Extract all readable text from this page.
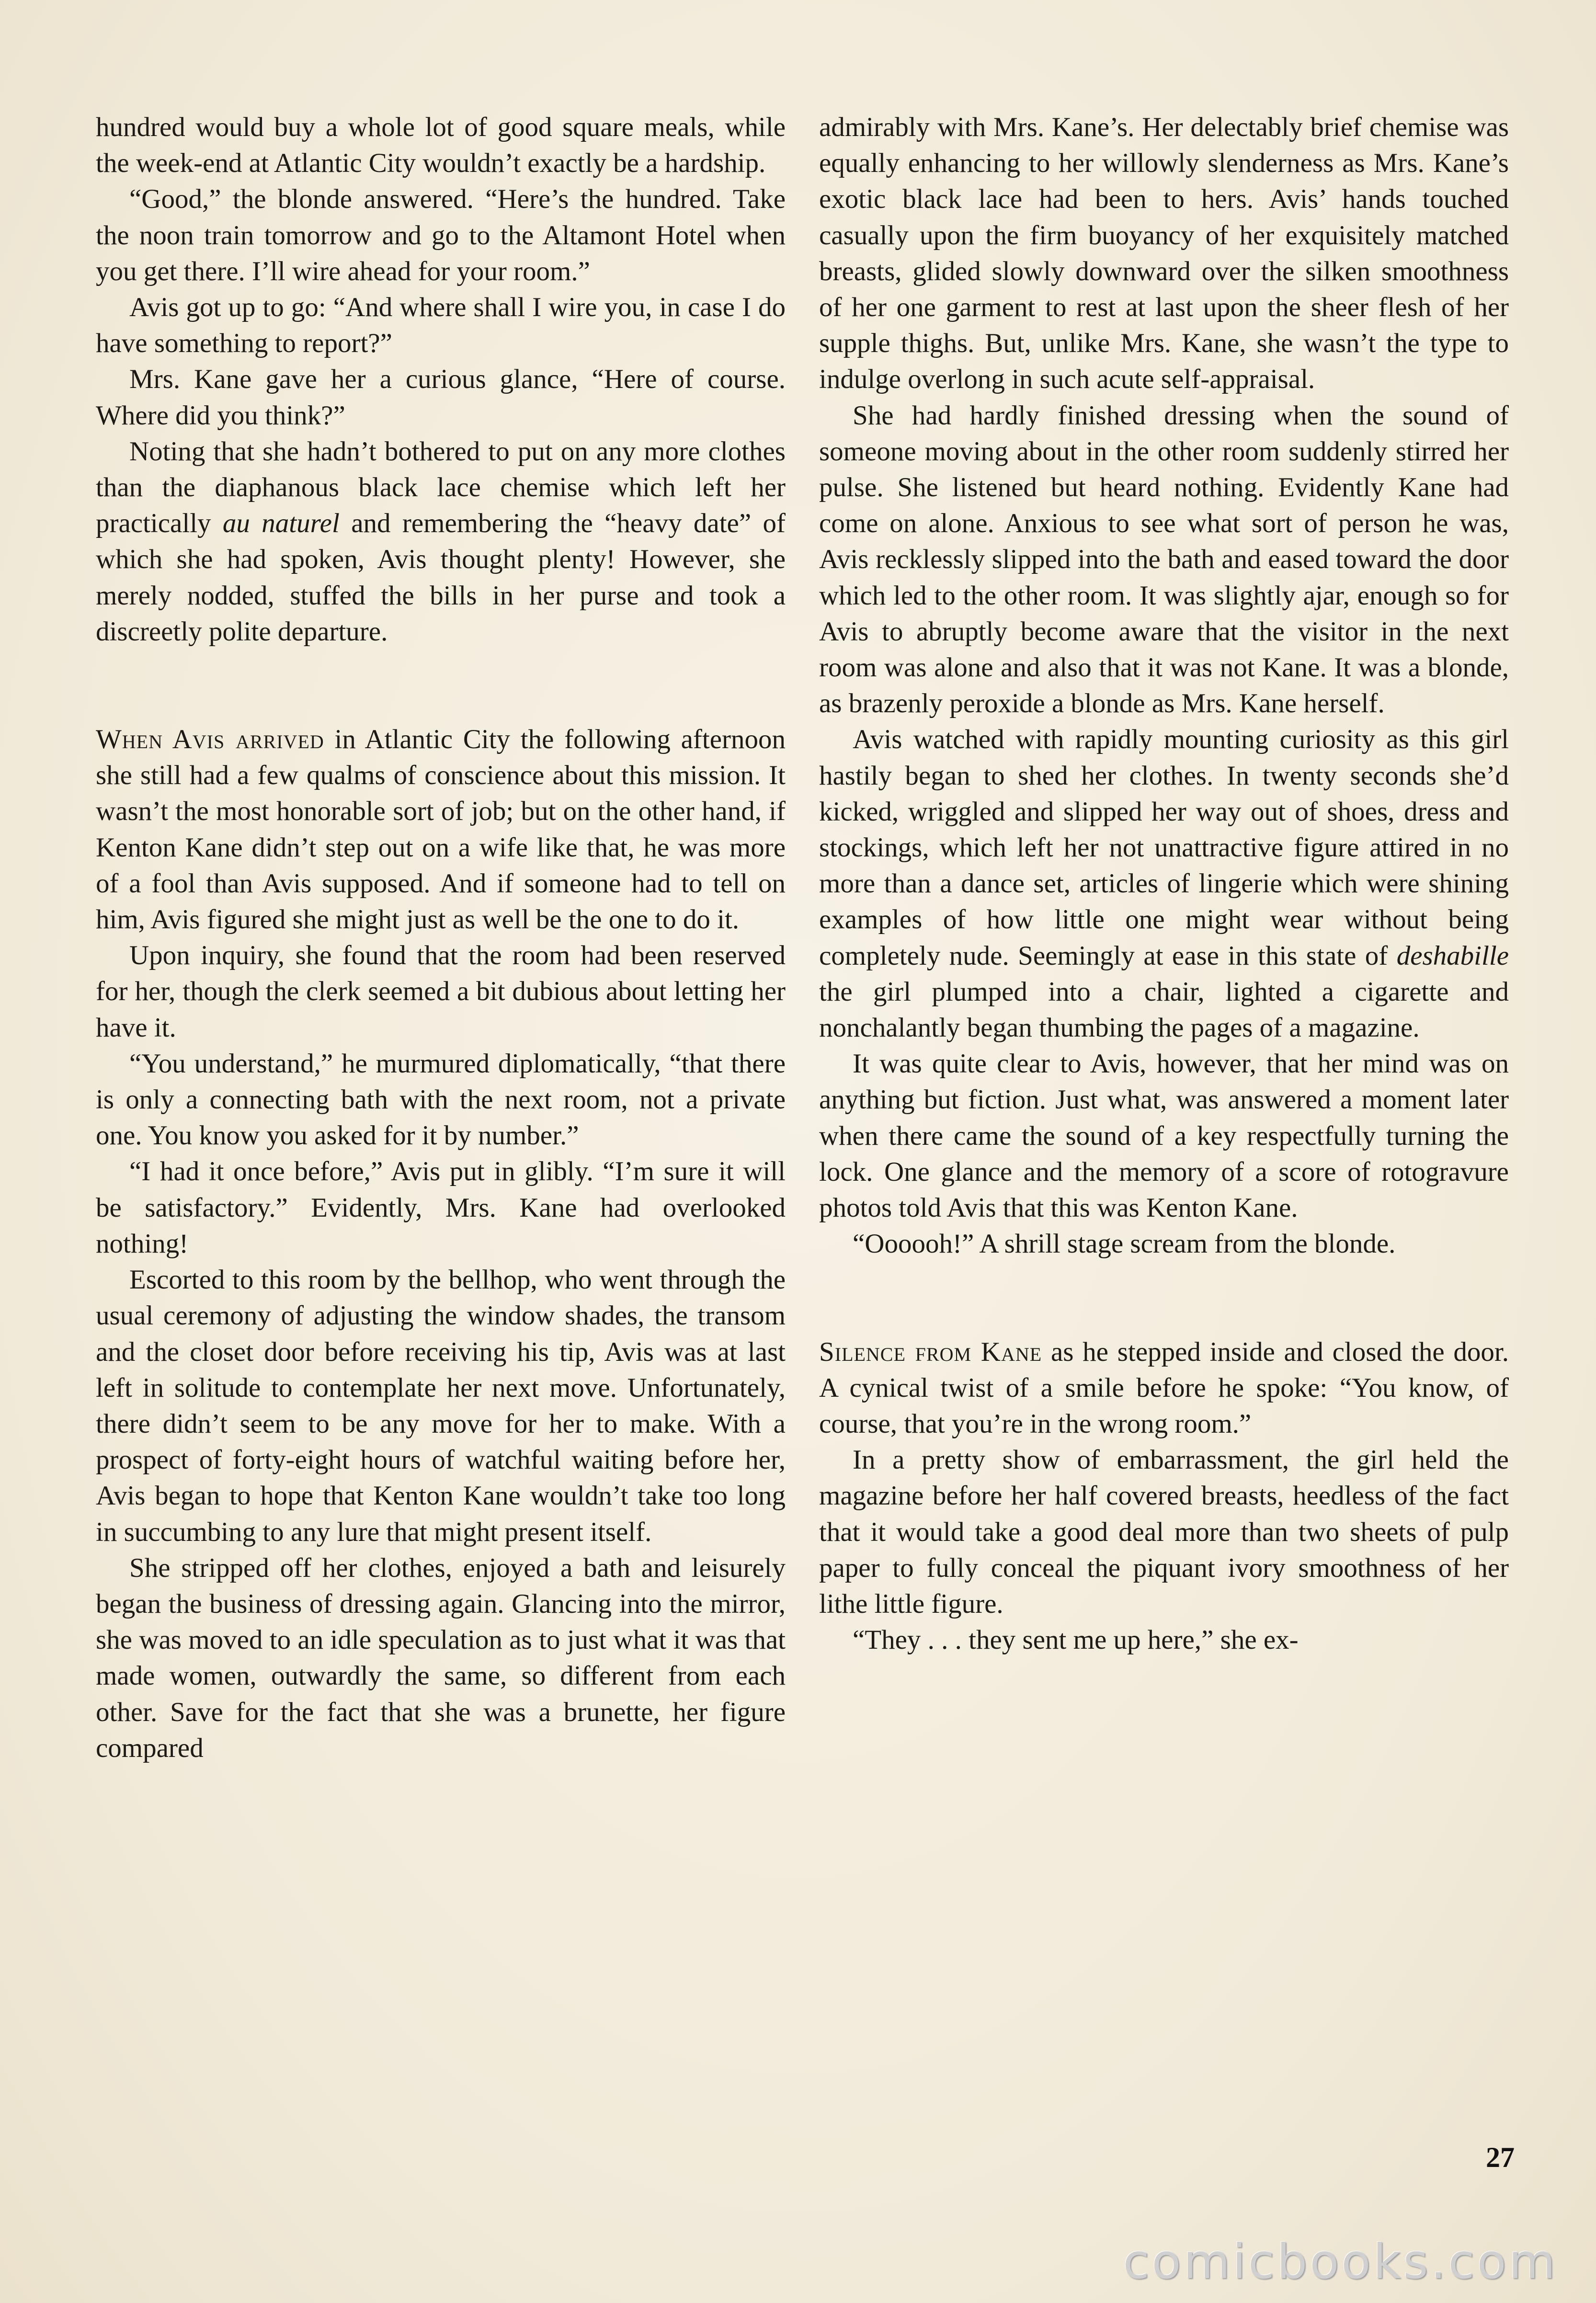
hundred would buy a whole lot of good square meals, while the week-end at Atlantic City wouldn’t exactly be a hardship.

“Good,” the blonde answered. “Here’s the hundred. Take the noon train tomorrow and go to the Altamont Hotel when you get there. I’ll wire ahead for your room.”

Avis got up to go: “And where shall I wire you, in case I do have something to report?”

Mrs. Kane gave her a curious glance, “Here of course. Where did you think?”

Noting that she hadn’t bothered to put on any more clothes than the diaphanous black lace chemise which left her practically au naturel and remembering the “heavy date” of which she had spoken, Avis thought plenty! However, she merely nodded, stuffed the bills in her purse and took a discreetly polite departure.

When Avis arrived in Atlantic City the following afternoon she still had a few qualms of conscience about this mission. It wasn’t the most honorable sort of job; but on the other hand, if Kenton Kane didn’t step out on a wife like that, he was more of a fool than Avis supposed. And if someone had to tell on him, Avis figured she might just as well be the one to do it.

Upon inquiry, she found that the room had been reserved for her, though the clerk seemed a bit dubious about letting her have it.

“You understand,” he murmured diplomatically, “that there is only a connecting bath with the next room, not a private one. You know you asked for it by number.”

“I had it once before,” Avis put in glibly. “I’m sure it will be satisfactory.” Evidently, Mrs. Kane had overlooked nothing!

Escorted to this room by the bellhop, who went through the usual ceremony of adjusting the window shades, the transom and the closet door before receiving his tip, Avis was at last left in solitude to contemplate her next move. Unfortunately, there didn’t seem to be any move for her to make. With a prospect of forty-eight hours of watchful waiting before her, Avis began to hope that Kenton Kane wouldn’t take too long in succumbing to any lure that might present itself.

She stripped off her clothes, enjoyed a bath and leisurely began the business of dressing again. Glancing into the mirror, she was moved to an idle speculation as to just what it was that made women, outwardly the same, so different from each other. Save for the fact that she was a brunette, her figure compared

admirably with Mrs. Kane’s. Her delectably brief chemise was equally enhancing to her willowly slenderness as Mrs. Kane’s exotic black lace had been to hers. Avis’ hands touched casually upon the firm buoyancy of her exquisitely matched breasts, glided slowly downward over the silken smoothness of her one garment to rest at last upon the sheer flesh of her supple thighs. But, unlike Mrs. Kane, she wasn’t the type to indulge overlong in such acute self-appraisal.

She had hardly finished dressing when the sound of someone moving about in the other room suddenly stirred her pulse. She listened but heard nothing. Evidently Kane had come on alone. Anxious to see what sort of person he was, Avis recklessly slipped into the bath and eased toward the door which led to the other room. It was slightly ajar, enough so for Avis to abruptly become aware that the visitor in the next room was alone and also that it was not Kane. It was a blonde, as brazenly peroxide a blonde as Mrs. Kane herself.

Avis watched with rapidly mounting curiosity as this girl hastily began to shed her clothes. In twenty seconds she’d kicked, wriggled and slipped her way out of shoes, dress and stockings, which left her not unattractive figure attired in no more than a dance set, articles of lingerie which were shining examples of how little one might wear without being completely nude. Seemingly at ease in this state of deshabille the girl plumped into a chair, lighted a cigarette and nonchalantly began thumbing the pages of a magazine.

It was quite clear to Avis, however, that her mind was on anything but fiction. Just what, was answered a moment later when there came the sound of a key respectfully turning the lock. One glance and the memory of a score of rotogravure photos told Avis that this was Kenton Kane.

“Oooooh!” A shrill stage scream from the blonde.

Silence from Kane as he stepped inside and closed the door. A cynical twist of a smile before he spoke: “You know, of course, that you’re in the wrong room.”

In a pretty show of embarrassment, the girl held the magazine before her half covered breasts, heedless of the fact that it would take a good deal more than two sheets of pulp paper to fully conceal the piquant ivory smoothness of her lithe little figure.

“They . . . they sent me up here,” she ex-

27
comicbooks.com
